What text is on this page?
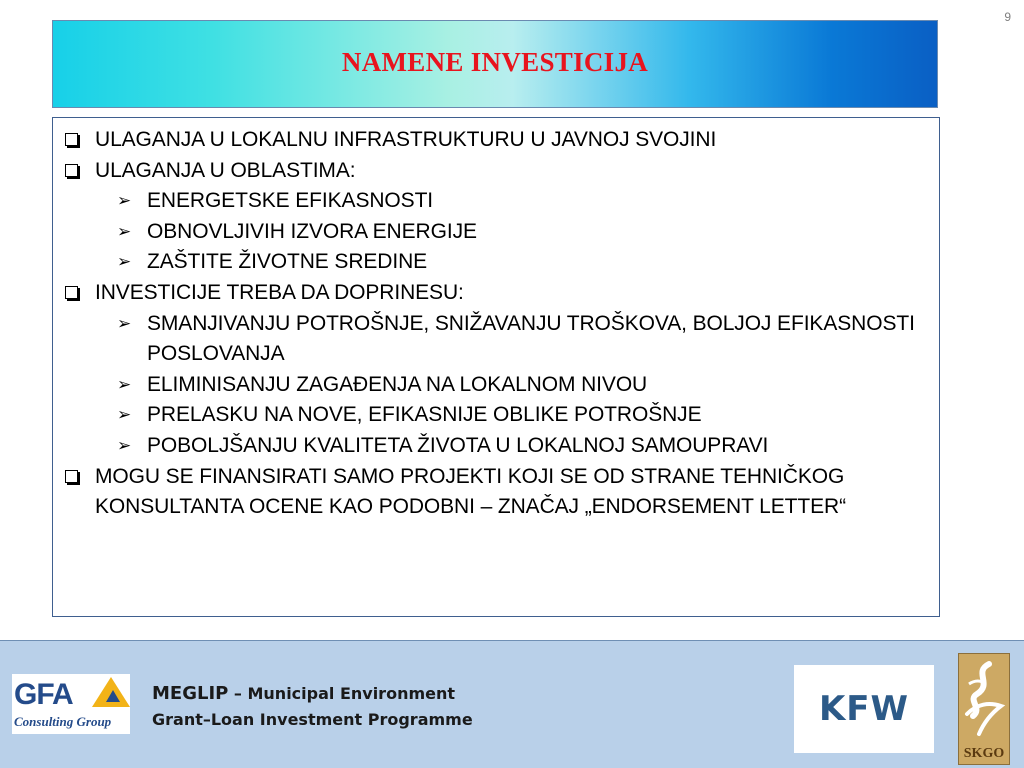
9
NAMENE INVESTICIJA
ULAGANJA U LOKALNU INFRASTRUKTURU U JAVNOJ SVOJINI
ULAGANJA U OBLASTIMA:
➢ ENERGETSKE EFIKASNOSTI
➢ OBNOVLJIVIH IZVORA ENERGIJE
➢ ZAŠTITE ŽIVOTNE SREDINE
INVESTICIJE TREBA DA DOPRINESU:
➢ SMANJIVANJU POTROŠNJE, SNIŽAVANJU TROŠKOVA, BOLJOJ EFIKASNOSTI POSLOVANJA
➢ ELIMINISANJU ZAGAĐENJA NA LOKALNOM NIVOU
➢ PRELASKU NA NOVE, EFIKASNIJE OBLIKE POTROŠNJE
➢ POBOLJŠANJU KVALITETA ŽIVOTA U LOKALNOJ SAMOUPRAVI
MOGU SE FINANSIRATI SAMO PROJEKTI KOJI SE OD STRANE TEHNIČKOG KONSULTANTA OCENE KAO PODOBNI – ZNAČAJ „ENDORSEMENT LETTER“
GFA
Consulting Group
MEGLIP – Municipal Environment
Grant–Loan Investment Programme	KFW
SKGO
